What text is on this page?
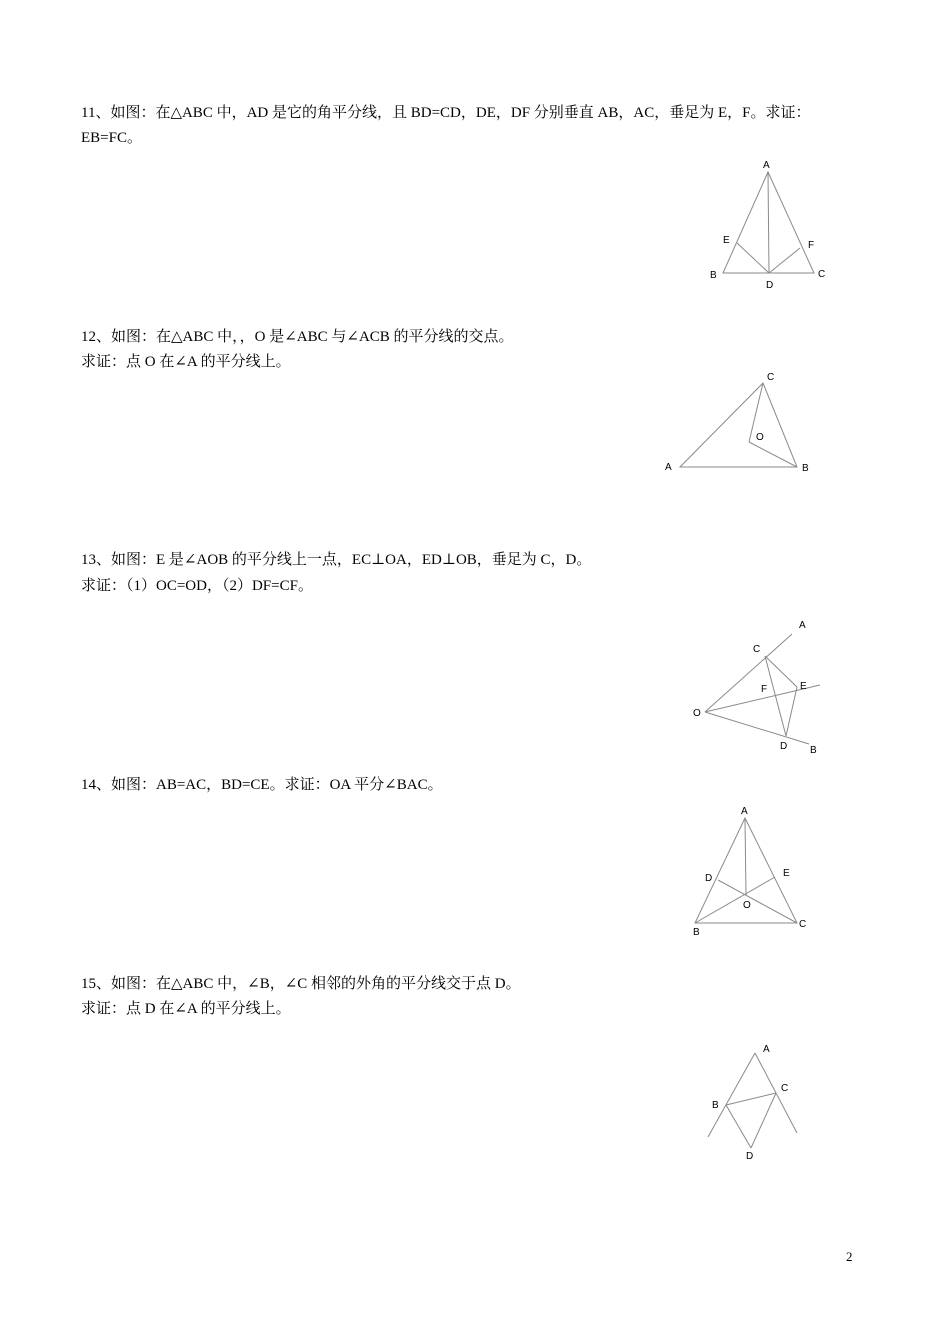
11、如图：在△ABC 中，AD 是它的角平分线，且 BD=CD，DE，DF 分别垂直 AB，AC，垂足为 E，F。求证：
EB=FC。
A
E	F
B
D
C
12、如图：在△ABC 中，，O 是∠ABC 与∠ACB 的平分线的交点。
求证：点 O 在∠A 的平分线上。
C
O
A	B
13、如图：E 是∠AOB 的平分线上一点，EC⊥OA，ED⊥OB，垂足为 C，D。
求证：（1）OC=OD，（2）DF=CF。
A
C
F	E
O
D B
14、如图：AB=AC，BD=CE。求证：OA 平分∠BAC。
A
D	E
O
B
C
15、如图：在△ABC 中，∠B，∠C 相邻的外角的平分线交于点 D。
求证：点 D 在∠A 的平分线上。
A
C
B
D
2
